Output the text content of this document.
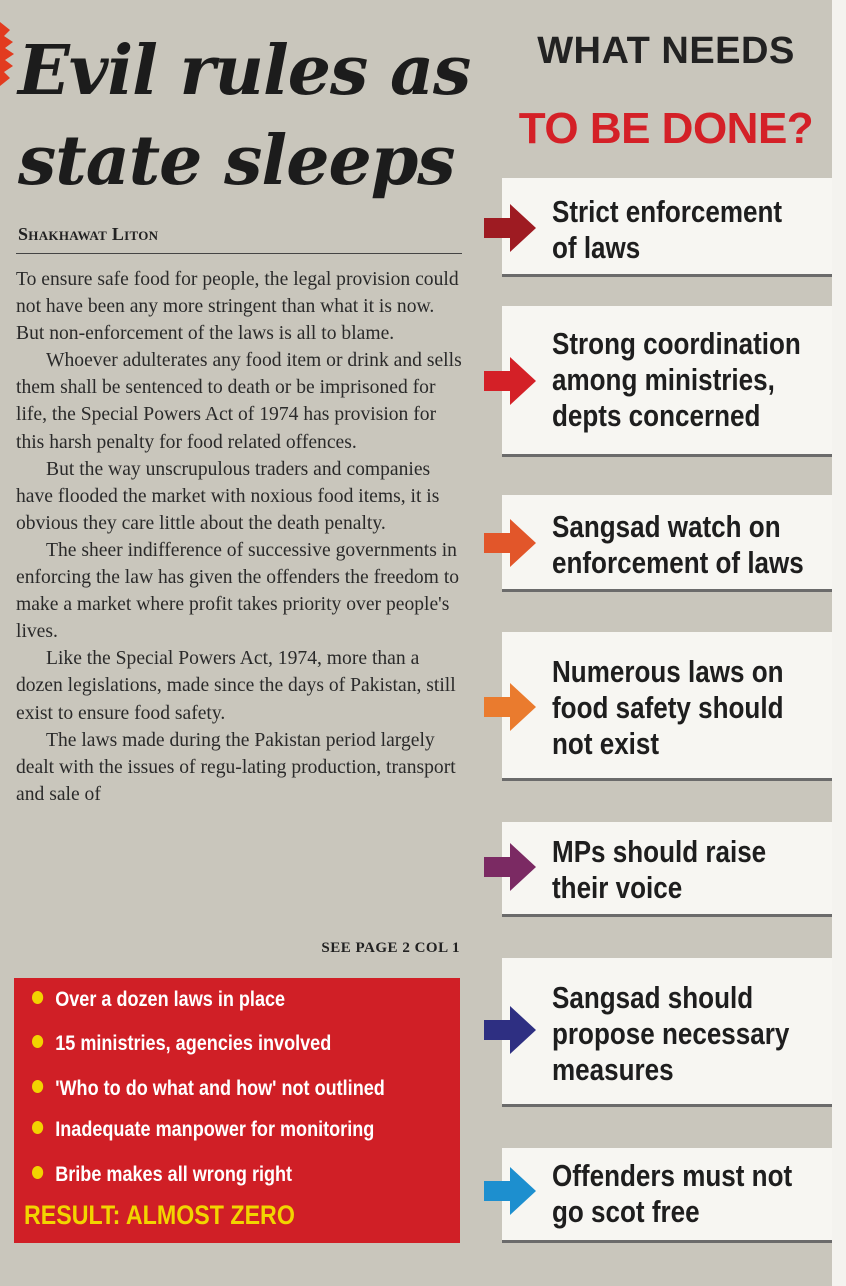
Evil rules as
state sleeps
Shakhawat Liton

To ensure safe food for people, the legal provision could not have been any more stringent than what it is now. But non-enforcement of the laws is all to blame.

Whoever adulterates any food item or drink and sells them shall be sentenced to death or be imprisoned for life, the Special Powers Act of 1974 has provision for this harsh penalty for food related offences.

But the way unscrupulous traders and companies have flooded the market with noxious food items, it is obvious they care little about the death penalty.

The sheer indifference of successive governments in enforcing the law has given the offenders the freedom to make a market where profit takes priority over people's lives.

Like the Special Powers Act, 1974, more than a dozen legislations, made since the days of Pakistan, still exist to ensure food safety.

The laws made during the Pakistan period largely dealt with the issues of regu-lating production, transport and sale of

SEE PAGE 2 COL 1
Over a dozen laws in place
15 ministries, agencies involved
'Who to do what and how' not outlined
Inadequate manpower for monitoring
Bribe makes all wrong right
RESULT: ALMOST ZERO
WHAT NEEDS
TO BE DONE?
Strict enforcement
of laws
Strong coordination
among ministries,
depts concerned
Sangsad watch on
enforcement of laws
Numerous laws on
food safety should
not exist
MPs should raise
their voice
Sangsad should
propose necessary
measures
Offenders must not
go scot free
